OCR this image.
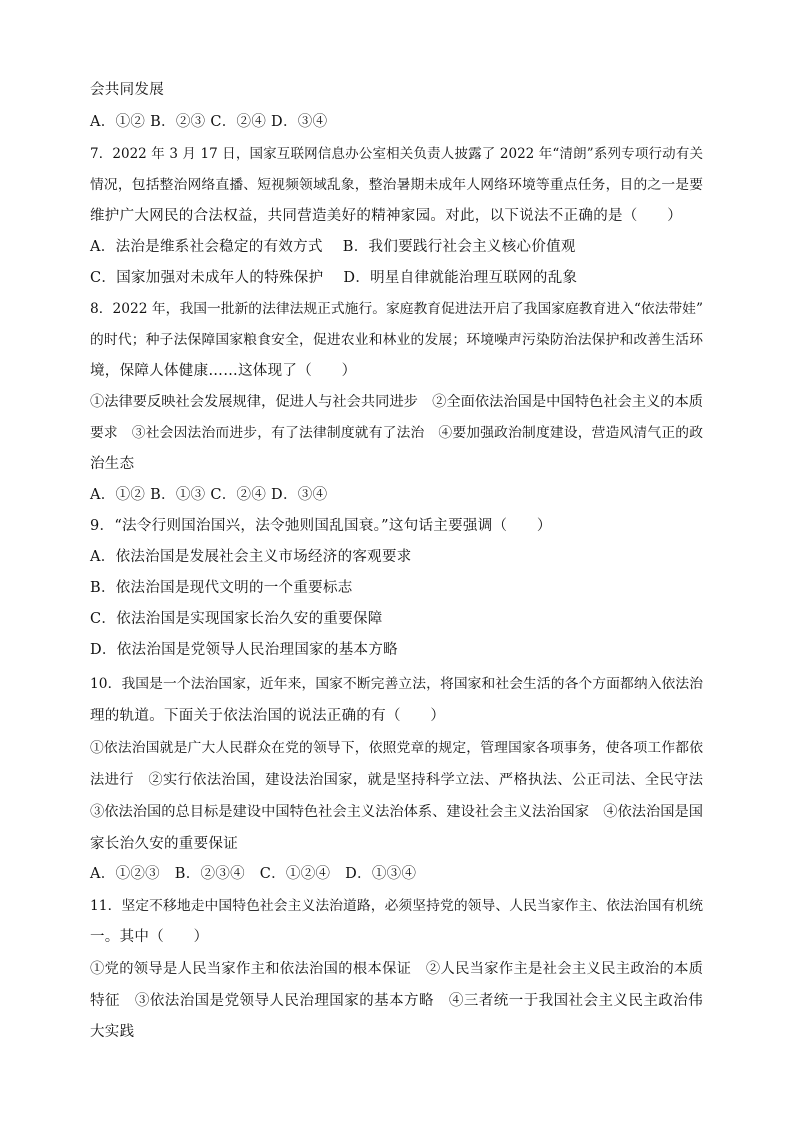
会共同发展
A．①② B．②③ C．②④ D．③④
7．2022 年 3 月 17 日，国家互联网信息办公室相关负责人披露了 2022 年“清朗”系列专项行动有关
情况，包括整治网络直播、短视频领域乱象，整治暑期未成年人网络环境等重点任务，目的之一是要
维护广大网民的合法权益，共同营造美好的精神家园。对此，以下说法不正确的是（　　）
A．法治是维系社会稳定的有效方式 B．我们要践行社会主义核心价值观
C．国家加强对未成年人的特殊保护 D．明星自律就能治理互联网的乱象
8．2022 年，我国一批新的法律法规正式施行。家庭教育促进法开启了我国家庭教育进入“依法带娃”
的时代；种子法保障国家粮食安全，促进农业和林业的发展；环境噪声污染防治法保护和改善生活环
境，保障人体健康……这体现了（　　）
①法律要反映社会发展规律，促进人与社会共同进步　②全面依法治国是中国特色社会主义的本质
要求　③社会因法治而进步，有了法律制度就有了法治　④要加强政治制度建设，营造风清气正的政
治生态
A．①② B．①③ C．②④ D．③④
9．“法令行则国治国兴，法令弛则国乱国衰。”这句话主要强调（　　）
A．依法治国是发展社会主义市场经济的客观要求
B．依法治国是现代文明的一个重要标志
C．依法治国是实现国家长治久安的重要保障
D．依法治国是党领导人民治理国家的基本方略
10．我国是一个法治国家，近年来，国家不断完善立法，将国家和社会生活的各个方面都纳入依法治
理的轨道。下面关于依法治国的说法正确的有（　　）
①依法治国就是广大人民群众在党的领导下，依照党章的规定，管理国家各项事务，使各项工作都依
法进行　②实行依法治国，建设法治国家，就是坚持科学立法、严格执法、公正司法、全民守法
③依法治国的总目标是建设中国特色社会主义法治体系、建设社会主义法治国家　④依法治国是国
家长治久安的重要保证
A．①②③　B．②③④　C．①②④　D．①③④
11．坚定不移地走中国特色社会主义法治道路，必须坚持党的领导、人民当家作主、依法治国有机统
一。其中（　　）
①党的领导是人民当家作主和依法治国的根本保证　②人民当家作主是社会主义民主政治的本质
特征　③依法治国是党领导人民治理国家的基本方略　④三者统一于我国社会主义民主政治伟
大实践
